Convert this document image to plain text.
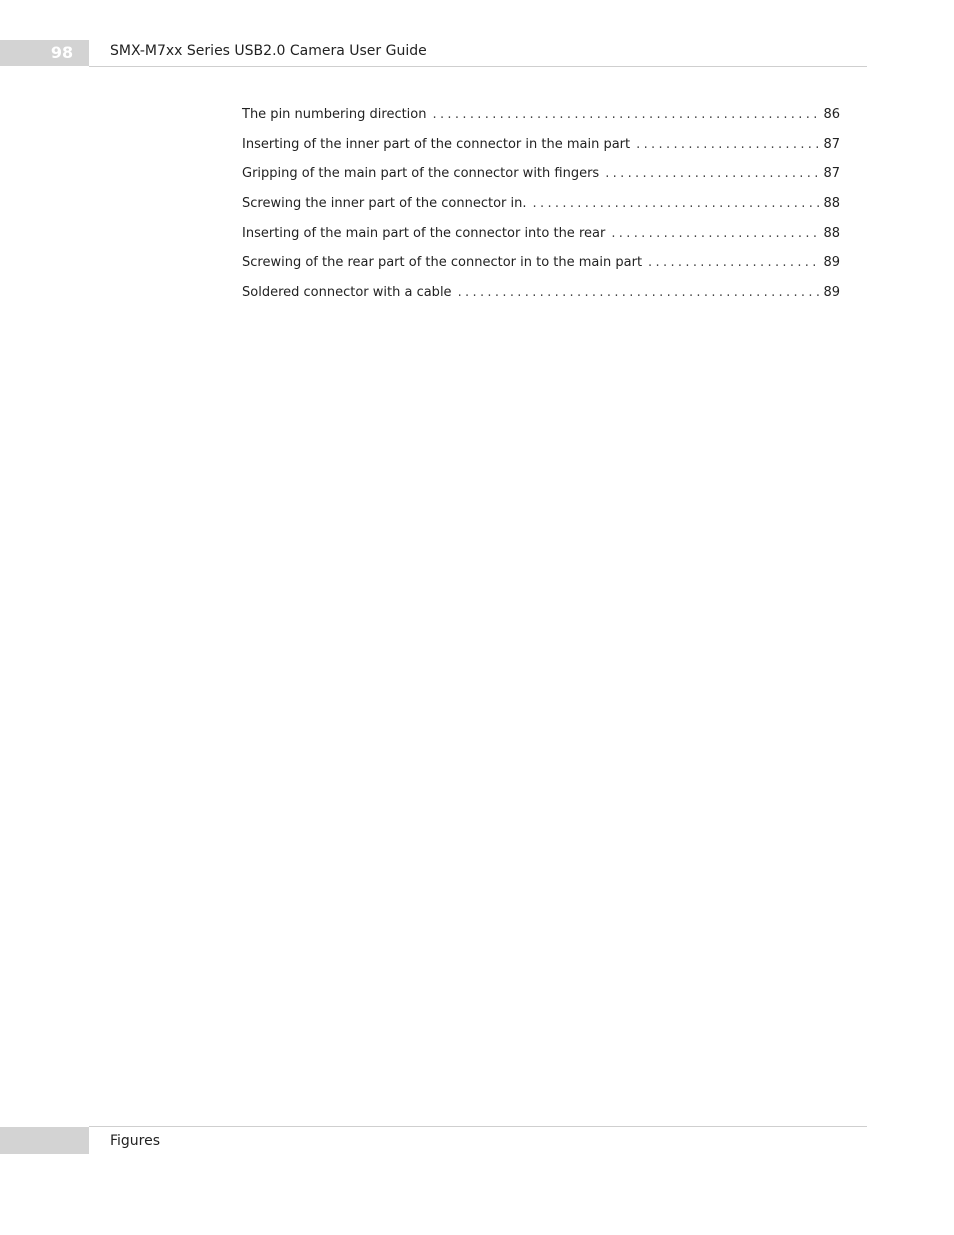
98	SMX-M7xx Series USB2.0 Camera User Guide
The pin numbering direction . . .	86
Inserting of the inner part of the connector in the main part . . .	87
Gripping of the main part of the connector with fingers . . .	87
Screwing the inner part of the connector in. . . .	88
Inserting of the main part of the connector into the rear . . .	88
Screwing of the rear part of the connector in to the main part . . .	89
Soldered connector with a cable . . .	89
Figures
